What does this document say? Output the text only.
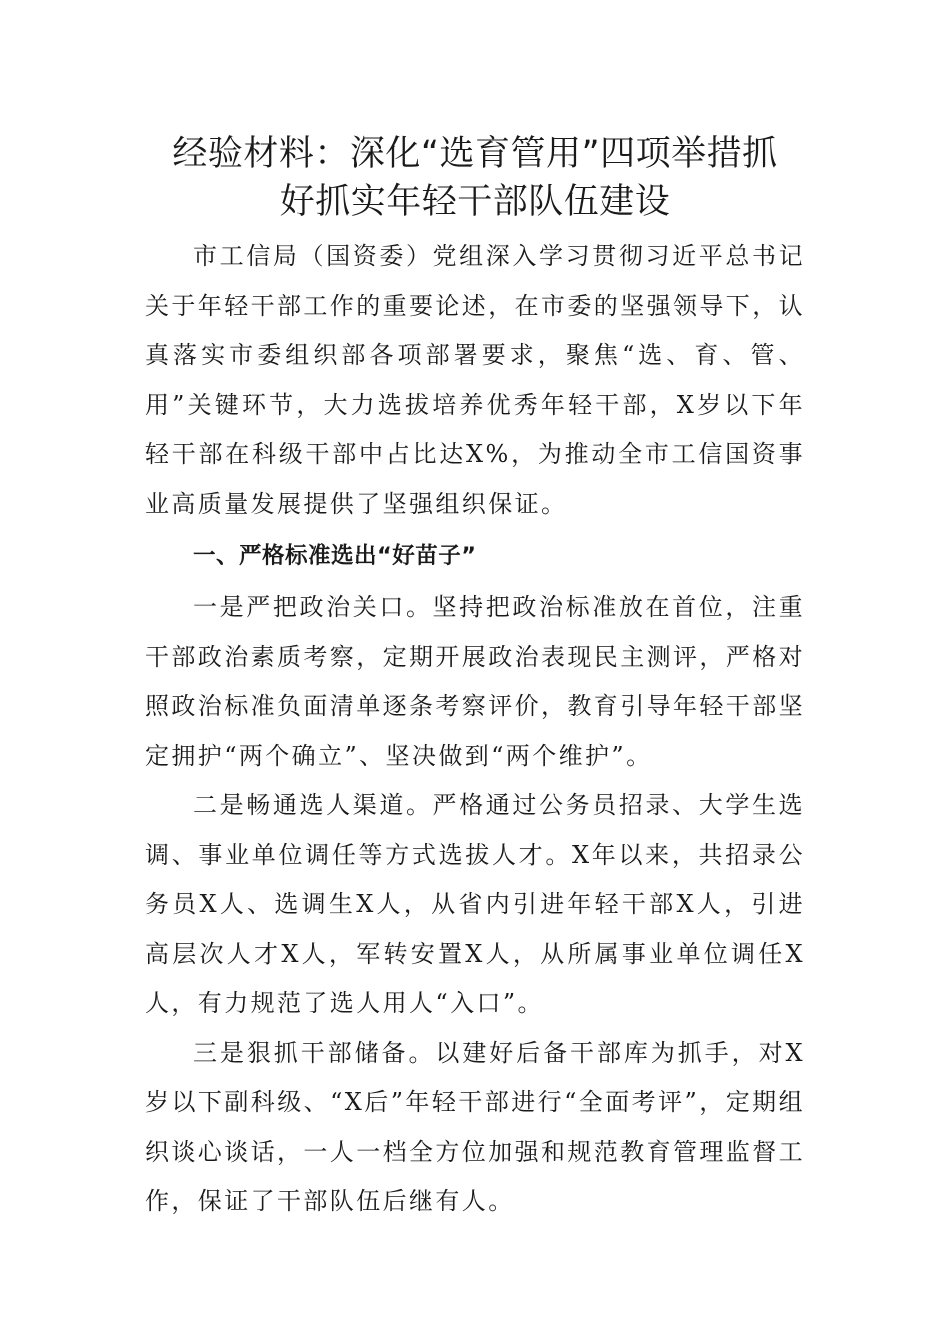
经验材料：深化“选育管用”四项举措抓
好抓实年轻干部队伍建设

市工信局（国资委）党组深入学习贯彻习近平总书记关于年轻干部工作的重要论述，在市委的坚强领导下，认真落实市委组织部各项部署要求，聚焦“选、育、管、用”关键环节，大力选拔培养优秀年轻干部，X岁以下年轻干部在科级干部中占比达X%，为推动全市工信国资事业高质量发展提供了坚强组织保证。

一、严格标准选出“好苗子”

一是严把政治关口。坚持把政治标准放在首位，注重干部政治素质考察，定期开展政治表现民主测评，严格对照政治标准负面清单逐条考察评价，教育引导年轻干部坚定拥护“两个确立”、坚决做到“两个维护”。

二是畅通选人渠道。严格通过公务员招录、大学生选调、事业单位调任等方式选拔人才。X年以来，共招录公务员X人、选调生X人，从省内引进年轻干部X人，引进高层次人才X人，军转安置X人，从所属事业单位调任X人，有力规范了选人用人“入口”。

三是狠抓干部储备。以建好后备干部库为抓手，对X岁以下副科级、“X后”年轻干部进行“全面考评”，定期组织谈心谈话，一人一档全方位加强和规范教育管理监督工作，保证了干部队伍后继有人。
